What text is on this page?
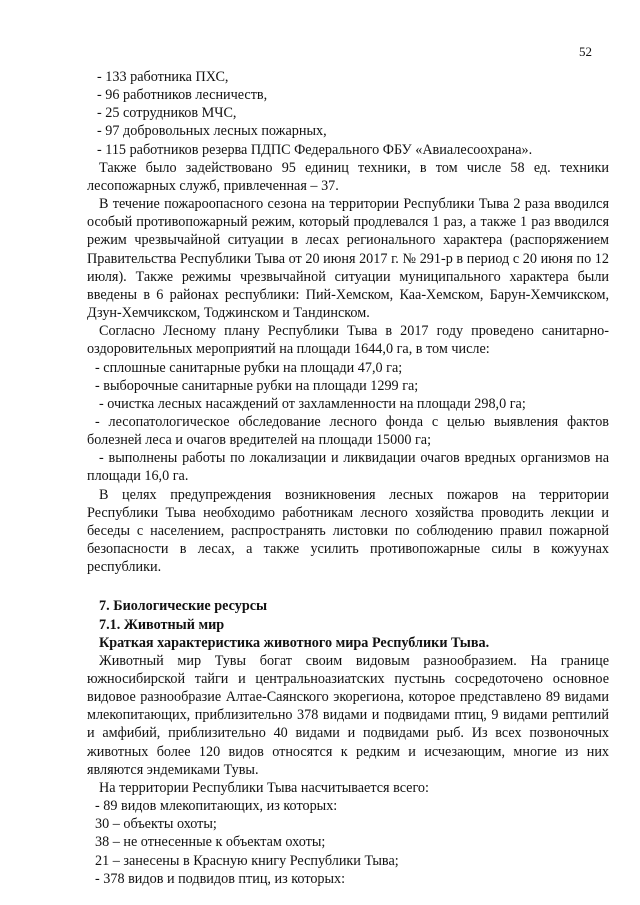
52

- 133 работника ПХС,

- 96 работников лесничеств,

- 25 сотрудников МЧС,

- 97 добровольных лесных пожарных,

- 115 работников резерва ПДПС Федерального ФБУ «Авиалесоохрана».

Также было задействовано 95 единиц техники, в том числе 58 ед. техники лесопожарных служб, привлеченная – 37.

В течение пожароопасного сезона на территории Республики Тыва 2 раза вводился особый противопожарный режим, который продлевался 1 раз, а также 1 раз вводился режим чрезвычайной ситуации в лесах регионального характера (распоряжением Правительства Республики Тыва от 20 июня 2017 г. № 291-р в период с 20 июня по 12 июля). Также режимы чрезвычайной ситуации муниципального характера были введены в 6 районах республики: Пий-Хемском, Каа-Хемском, Барун-Хемчикском, Дзун-Хемчикском, Тоджинском и Тандинском.

Согласно Лесному плану Республики Тыва в 2017 году проведено санитарно-оздоровительных мероприятий на площади 1644,0 га, в том числе:

- сплошные санитарные рубки на площади 47,0 га;

- выборочные санитарные рубки на площади 1299 га;

- очистка лесных насаждений от захламленности на площади 298,0 га;

- лесопатологическое обследование лесного фонда с целью выявления фактов болезней леса и очагов вредителей на площади 15000 га;

- выполнены работы по локализации и ликвидации очагов вредных организмов на площади 16,0 га.

В целях предупреждения возникновения лесных пожаров на территории Республики Тыва необходимо работникам лесного хозяйства проводить лекции и беседы с населением, распространять листовки по соблюдению правил пожарной безопасности в лесах, а также усилить противопожарные силы в кожуунах республики.

7. Биологические ресурсы

7.1. Животный мир

Краткая характеристика животного мира Республики Тыва.

Животный мир Тувы богат своим видовым разнообразием. На границе южносибирской тайги и центральноазиатских пустынь сосредоточено основное видовое разнообразие Алтае-Саянского экорегиона, которое представлено 89 видами млекопитающих, приблизительно 378 видами и подвидами птиц, 9 видами рептилий и амфибий, приблизительно 40 видами и подвидами рыб. Из всех позвоночных животных более 120 видов относятся к редким и исчезающим, многие из них являются эндемиками Тувы.

На территории Республики Тыва насчитывается всего:

- 89 видов млекопитающих, из которых:

30 – объекты охоты;

38 – не отнесенные к объектам охоты;

21 – занесены в Красную книгу Республики Тыва;

- 378 видов и подвидов птиц, из которых:
